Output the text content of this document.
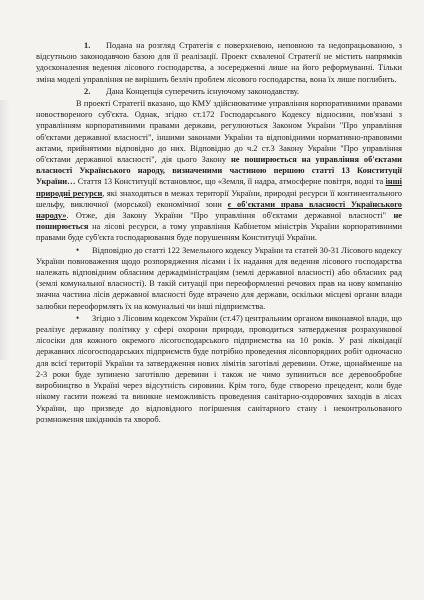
1. Подана на розгляд Стратегія є поверхневою, неповною та недопрацьованою, з відсутньою законодавчою базою для її реалізації. Проект схваленої Стратегії не містить напрямків удосконалення ведення лісового господарства, а зосередженні лише на його реформуванні. Тільки зміна моделі управління не вирішить безліч проблем лісового господарства, вона їх лише поглибить.

2. Дана Концепція суперечить існуючому законодавству.

В проекті Стратегії вказано, що КМУ здійснюватиме управління корпоративними правами новоствореного суб'єкта. Однак, згідно ст.172 Господарського Кодексу відносини, пов'язані з управлінням корпоративними правами держави, регулюються Законом України "Про управління об'єктами державної власності", іншими законами України та відповідними нормативно-правовими актами, прийнятими відповідно до них. Відповідно до ч.2 ст.3 Закону України "Про управління об'єктами державної власності", дія цього Закону не поширюється на управління об'єктами власності Українського народу, визначеними частиною першою статті 13 Конституції України… Стаття 13 Конституції встановлює, що «Земля, її надра, атмосферне повітря, водні та інші природні ресурси, які знаходяться в межах території України, природні ресурси її континентального шельфу, виключної (морської) економічної зони є об'єктами права власності Українського народу». Отже, дія Закону України "Про управління об'єктами державної власності" не поширюється на лісові ресурси, а тому управління Кабінетом міністрів України корпоративними правами буде суб'єкта господарювання буде порушенням Конституції України.

• Відповідно до статті 122 Земельного кодексу України та статей 30-31 Лісового кодексу України повноваження щодо розпорядження лісами і їх надання для ведення лісового господарства належать відповідним обласним держадміністраціям (землі державної власності) або обласних рад (землі комунальної власності). В такій ситуації при переоформленні речових прав на нову компанію значна частина лісів державної власності буде втрачено для держави, оскільки місцеві органи влади залюбки переоформлять їх на комунальні чи інші підприємства.

• Згідно з Лісовим кодексом України (ст.47) центральним органом виконавчої влади, що реалізує державну політику у сфері охорони природи, проводиться затвердження розрахункової лісосіки для кожного окремого лісогосподарського підприємства на 10 років. У разі ліквідації державних лісогосподарських підприємств буде потрібно проведення лісовпорядних робіт одночасно для всієї території України та затвердження нових лімітів заготівлі деревини. Отже, щонайменше на 2-3 роки буде зупинено заготівлю деревини і також не чимо зупиниться все деревообробне виробництво в Україні через відсутність сировини. Крім того, буде створено прецедент, коли буде нікому гасити пожежі та виникне неможливість проведення санітарно-оздоровчих заходів в лісах України, що призведе до відповідного погіршення санітарного стану і неконтрольованого розмноження шкідників та хвороб.
